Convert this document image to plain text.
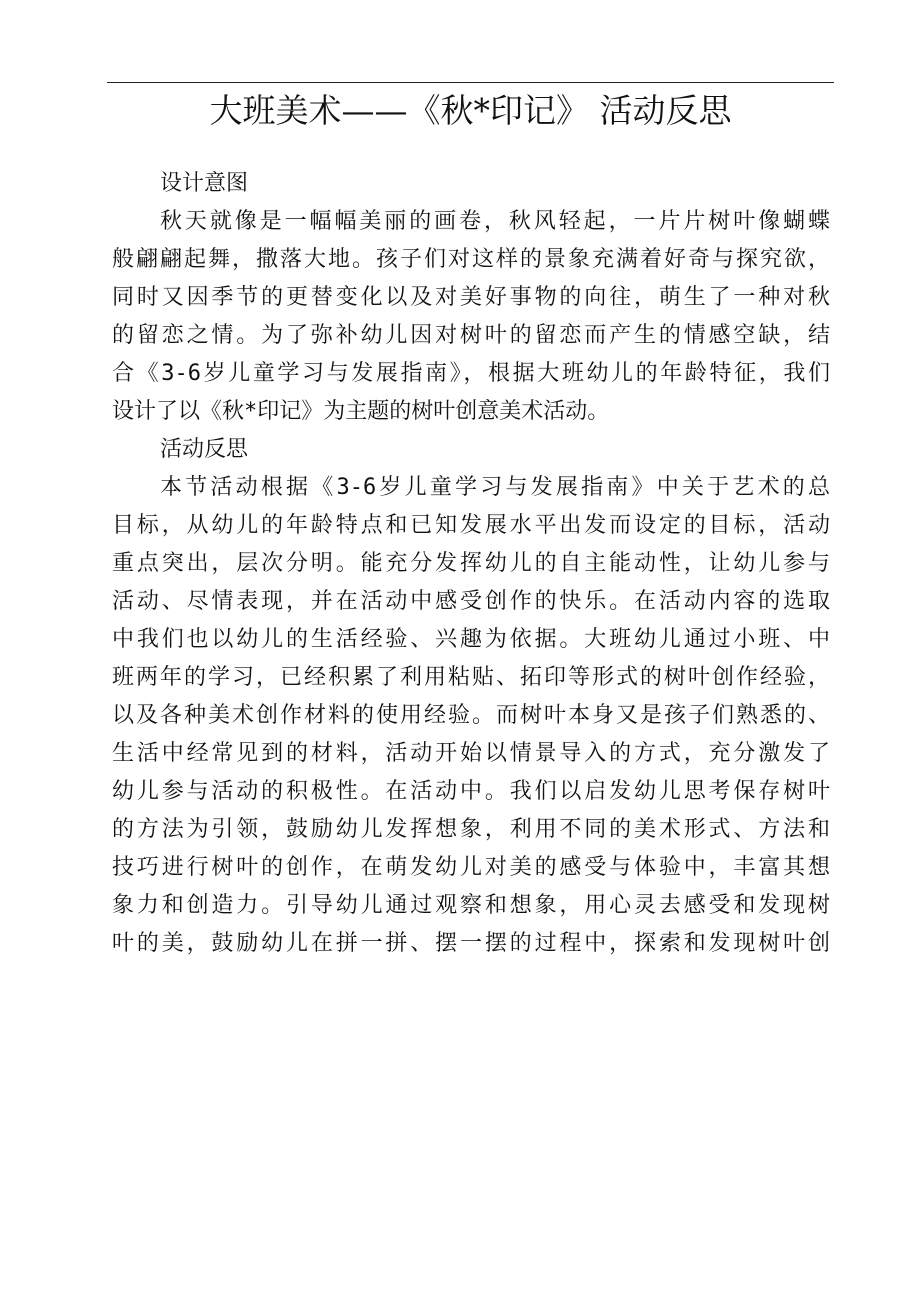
大班美术——《秋*印记》 活动反思
设计意图
秋天就像是一幅幅美丽的画卷，秋风轻起，一片片树叶像蝴蝶
般翩翩起舞，撒落大地。孩子们对这样的景象充满着好奇与探究欲，
同时又因季节的更替变化以及对美好事物的向往，萌生了一种对秋
的留恋之情。为了弥补幼儿因对树叶的留恋而产生的情感空缺，结
合《3-6岁儿童学习与发展指南》，根据大班幼儿的年龄特征，我们
设计了以《秋*印记》为主题的树叶创意美术活动。
活动反思
本节活动根据《3-6岁儿童学习与发展指南》中关于艺术的总
目标，从幼儿的年龄特点和已知发展水平出发而设定的目标，活动
重点突出，层次分明。能充分发挥幼儿的自主能动性，让幼儿参与
活动、尽情表现，并在活动中感受创作的快乐。在活动内容的选取
中我们也以幼儿的生活经验、兴趣为依据。大班幼儿通过小班、中
班两年的学习，已经积累了利用粘贴、拓印等形式的树叶创作经验，
以及各种美术创作材料的使用经验。而树叶本身又是孩子们熟悉的、
生活中经常见到的材料，活动开始以情景导入的方式，充分激发了
幼儿参与活动的积极性。在活动中。我们以启发幼儿思考保存树叶
的方法为引领，鼓励幼儿发挥想象，利用不同的美术形式、方法和
技巧进行树叶的创作，在萌发幼儿对美的感受与体验中，丰富其想
象力和创造力。引导幼儿通过观察和想象，用心灵去感受和发现树
叶的美，鼓励幼儿在拼一拼、摆一摆的过程中，探索和发现树叶创
